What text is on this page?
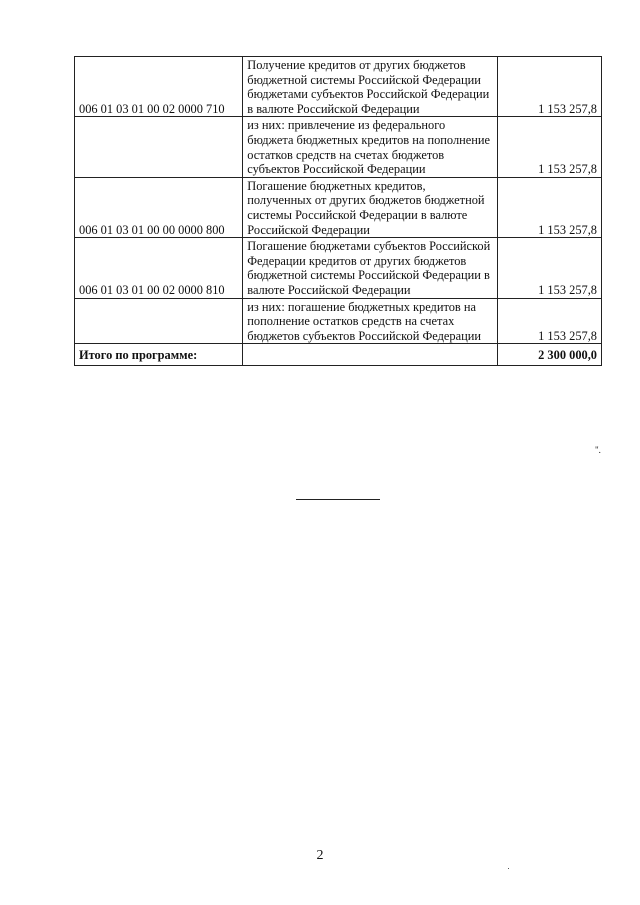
006 01 03 01 00 02 0000 710	Получение кредитов от других бюджетов бюджетной системы Российской Федерации бюджетами субъектов Российской Федерации в валюте Российской Федерации	1 153 257,8
	из них: привлечение из федерального бюджета бюджетных кредитов на пополнение остатков средств на счетах бюджетов субъектов Российской Федерации	1 153 257,8
006 01 03 01 00 00 0000 800	Погашение бюджетных кредитов, полученных от других бюджетов бюджетной системы Российской Федерации в валюте Российской Федерации	1 153 257,8
006 01 03 01 00 02 0000 810	Погашение бюджетами субъектов Российской Федерации кредитов от других бюджетов бюджетной системы Российской Федерации в валюте Российской Федерации	1 153 257,8
	из них: погашение бюджетных кредитов на пополнение остатков средств на счетах бюджетов субъектов Российской Федерации	1 153 257,8
Итого по программе:		2 300 000,0
".
2
